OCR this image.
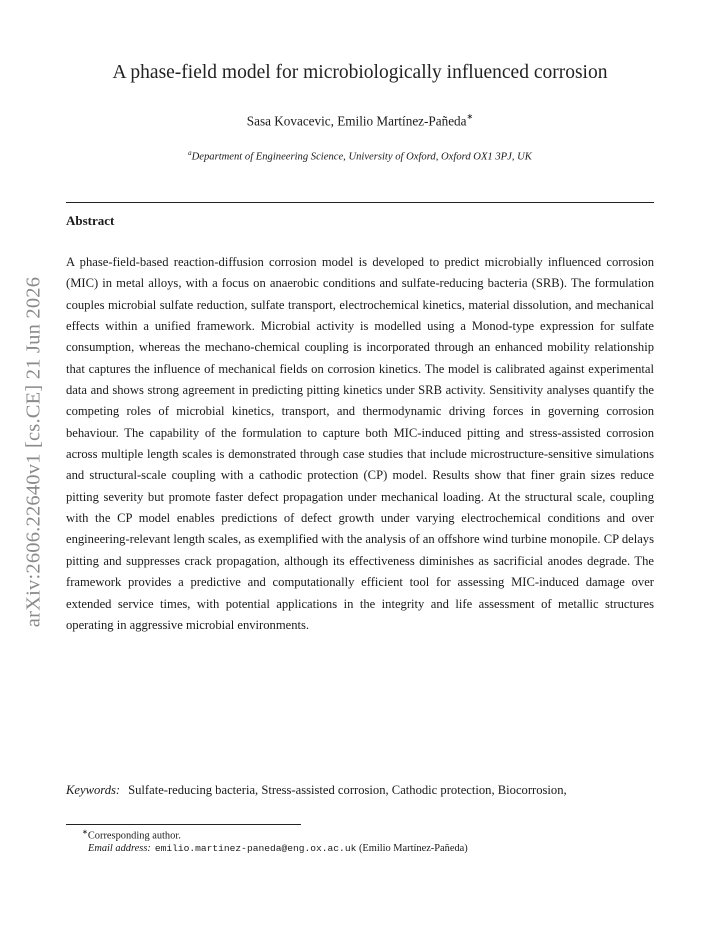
arXiv:2606.22640v1 [cs.CE] 21 Jun 2026
A phase-field model for microbiologically influenced corrosion
Sasa Kovacevic, Emilio Martínez-Pañeda∗
$^a$Department of Engineering Science, University of Oxford, Oxford OX1 3PJ, UK
Abstract
A phase-field-based reaction-diffusion corrosion model is developed to predict microbially influenced corrosion (MIC) in metal alloys, with a focus on anaerobic conditions and sulfate-reducing bacteria (SRB). The formulation couples microbial sulfate reduction, sulfate transport, electrochemical kinetics, material dissolution, and mechanical effects within a unified framework. Microbial activity is modelled using a Monod-type expression for sulfate consumption, whereas the mechano-chemical coupling is incorporated through an enhanced mobility relationship that captures the influence of mechanical fields on corrosion kinetics. The model is calibrated against experimental data and shows strong agreement in predicting pitting kinetics under SRB activity. Sensitivity analyses quantify the competing roles of microbial kinetics, transport, and thermodynamic driving forces in governing corrosion behaviour. The capability of the formulation to capture both MIC-induced pitting and stress-assisted corrosion across multiple length scales is demonstrated through case studies that include microstructure-sensitive simulations and structural-scale coupling with a cathodic protection (CP) model. Results show that finer grain sizes reduce pitting severity but promote faster defect propagation under mechanical loading. At the structural scale, coupling with the CP model enables predictions of defect growth under varying electrochemical conditions and over engineering-relevant length scales, as exemplified with the analysis of an offshore wind turbine monopile. CP delays pitting and suppresses crack propagation, although its effectiveness diminishes as sacrificial anodes degrade. The framework provides a predictive and computationally efficient tool for assessing MIC-induced damage over extended service times, with potential applications in the integrity and life assessment of metallic structures operating in aggressive microbial environments.
Keywords: Sulfate-reducing bacteria, Stress-assisted corrosion, Cathodic protection, Biocorrosion,
∗Corresponding author.
Email address: emilio.martinez-paneda@eng.ox.ac.uk (Emilio Martínez-Pañeda)
